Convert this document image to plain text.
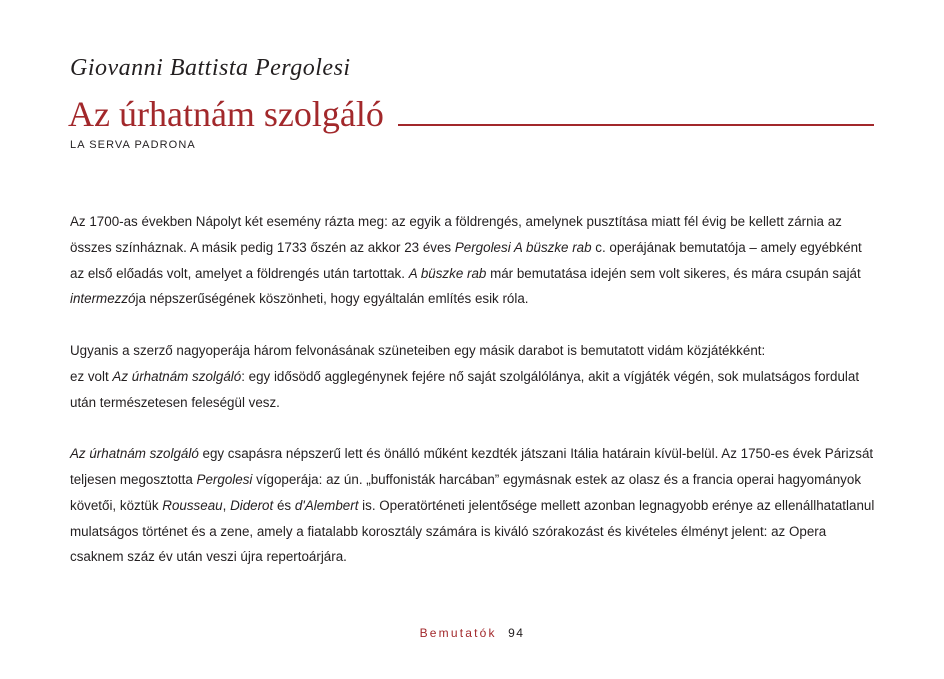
Giovanni Battista Pergolesi
Az úrhatnám szolgáló
LA SERVA PADRONA

Az 1700-as években Nápolyt két esemény rázta meg: az egyik a földrengés, amelynek pusztítása miatt fél évig be kellett zárnia az összes színháznak. A másik pedig 1733 őszén az akkor 23 éves Pergolesi A büszke rab c. operájának bemutatója – amely egyébként az első előadás volt, amelyet a földrengés után tartottak. A büszke rab már bemutatása idején sem volt sikeres, és mára csupán saját intermezzója népszerűségének köszönheti, hogy egyáltalán említés esik róla.

Ugyanis a szerző nagyoperája három felvonásának szüneteiben egy másik darabot is bemutatott vidám közjátékként:
ez volt Az úrhatnám szolgáló: egy idősödő agglegénynek fejére nő saját szolgálólánya, akit a vígjáték végén, sok mulatságos fordulat után természetesen feleségül vesz.

Az úrhatnám szolgáló egy csapásra népszerű lett és önálló műként kezdték játszani Itália határain kívül-belül. Az 1750-es évek Párizsát teljesen megosztotta Pergolesi vígoperája: az ún. „buffonisták harcában” egymásnak estek az olasz és a francia operai hagyományok követői, köztük Rousseau, Diderot és d'Alembert is. Operatörténeti jelentősége mellett azonban legnagyobb erénye az ellenállhatatlanul mulatságos történet és a zene, amely a fiatalabb korosztály számára is kiváló szórakozást és kivételes élményt jelent: az Opera csaknem száz év után veszi újra repertoárjára.

Bemutatók 94
